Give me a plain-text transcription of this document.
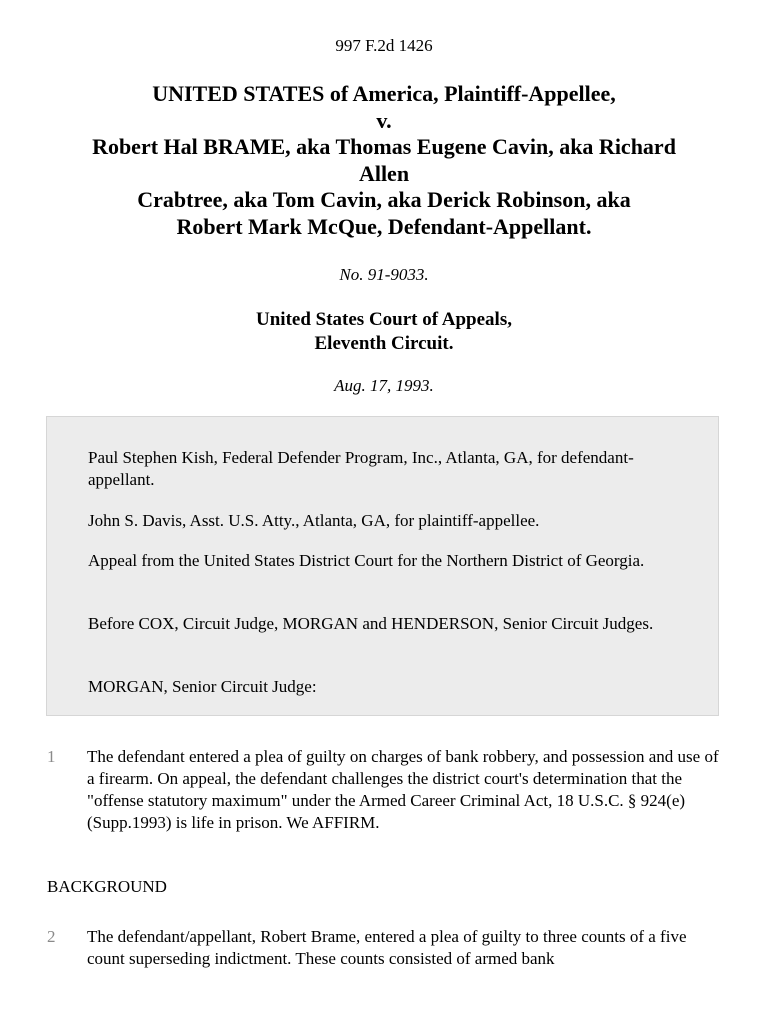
997 F.2d 1426
UNITED STATES of America, Plaintiff-Appellee,
v.
Robert Hal BRAME, aka Thomas Eugene Cavin, aka Richard
Allen
Crabtree, aka Tom Cavin, aka Derick Robinson, aka
Robert Mark McQue, Defendant-Appellant.
No. 91-9033.
United States Court of Appeals,
Eleventh Circuit.
Aug. 17, 1993.

Paul Stephen Kish, Federal Defender Program, Inc., Atlanta, GA, for defendant-appellant.

John S. Davis, Asst. U.S. Atty., Atlanta, GA, for plaintiff-appellee.

Appeal from the United States District Court for the Northern District of Georgia.

Before COX, Circuit Judge, MORGAN and HENDERSON, Senior Circuit Judges.

MORGAN, Senior Circuit Judge:

1 The defendant entered a plea of guilty on charges of bank robbery, and possession and use of a firearm. On appeal, the defendant challenges the district court's determination that the "offense statutory maximum" under the Armed Career Criminal Act, 18 U.S.C. § 924(e) (Supp.1993) is life in prison. We AFFIRM.

BACKGROUND
2 The defendant/appellant, Robert Brame, entered a plea of guilty to three counts of a five count superseding indictment. These counts consisted of armed bank
